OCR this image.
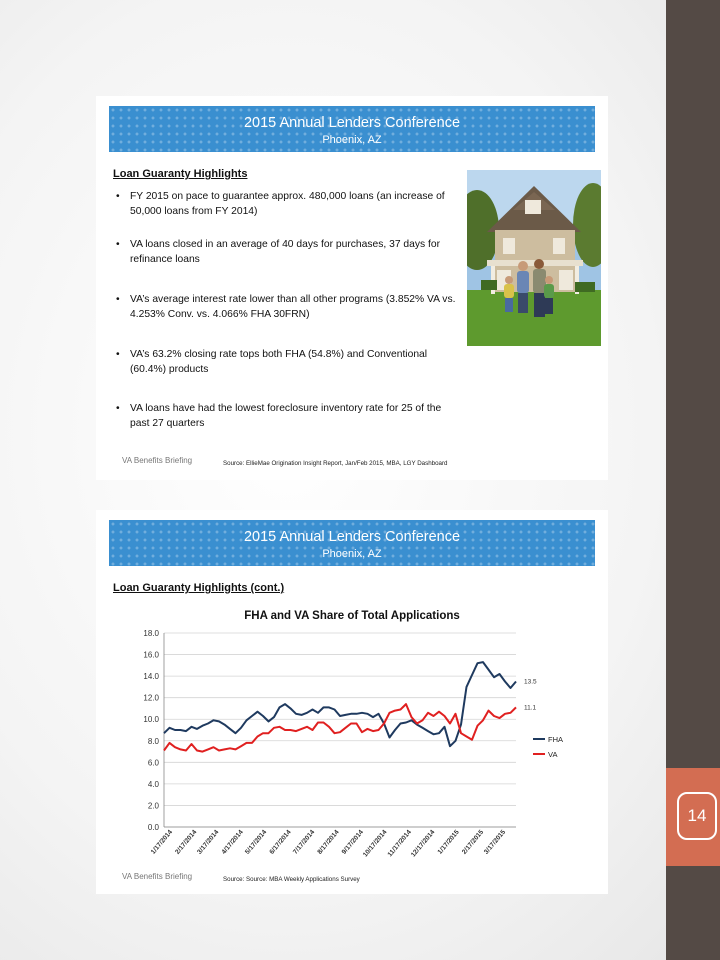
14
2015 Annual Lenders Conference
Phoenix, AZ
Loan Guaranty Highlights
• FY 2015 on pace to guarantee approx. 480,000 loans (an increase of 50,000 loans from FY 2014)
• VA loans closed in an average of 40 days for purchases, 37 days for refinance loans
• VA’s average interest rate lower than all other programs (3.852% VA vs. 4.253% Conv. vs. 4.066% FHA 30FRN)
• VA’s 63.2% closing rate tops both FHA (54.8%) and Conventional (60.4%) products
• VA loans have had the lowest foreclosure inventory rate for 25 of the past 27 quarters
VA Benefits Briefing	Source: EllieMae Origination Insight Report, Jan/Feb 2015, MBA, LGY Dashboard
2015 Annual Lenders Conference
Phoenix, AZ
Loan Guaranty Highlights (cont.)
FHA and VA Share of Total Applications
0.0
2.0
4.0
6.0
8.0
10.0
12.0
14.0
16.0
18.0
1/17/2014 2/17/2014
3/17/2014 4/17/2014 5/17/2014 6/17/2014 7/17/2014 8/17/2014 9/17/2014
10/17/2014
11/17/2014
12/17/2014 1/17/2015 2/17/2015
3/17/2015
13.5
11.1
FHA
VA
VA Benefits Briefing	Source: Source: MBA Weekly Applications Survey
